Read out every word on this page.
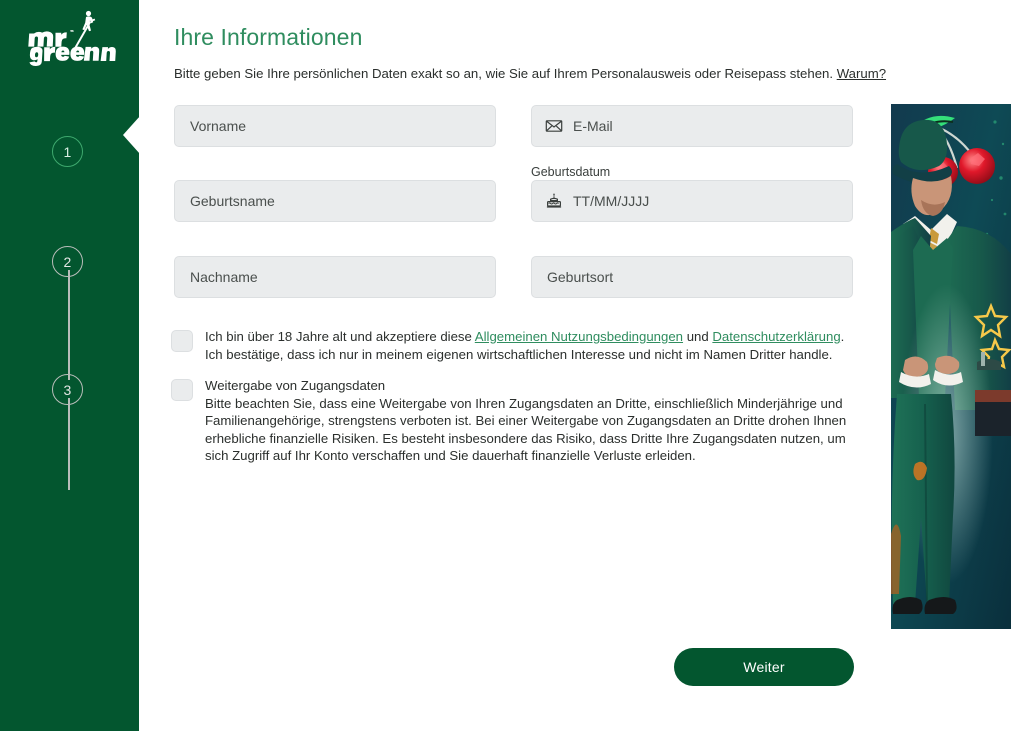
1
2
3
Ihre Informationen
Bitte geben Sie Ihre persönlichen Daten exakt so an, wie Sie auf Ihrem Personalausweis oder Reisepass stehen. Warum?
Vorname
Geburtsname
Nachname
E-Mail
Geburtsdatum
TT/MM/JJJJ
Geburtsort
Ich bin über 18 Jahre alt und akzeptiere diese Allgemeinen Nutzungsbedingungen und Datenschutzerklärung. Ich bestätige, dass ich nur in meinem eigenen wirtschaftlichen Interesse und nicht im Namen Dritter handle.
Weitergabe von Zugangsdaten
Bitte beachten Sie, dass eine Weitergabe von Ihren Zugangsdaten an Dritte, einschließlich Minderjährige und Familienangehörige, strengstens verboten ist. Bei einer Weitergabe von Zugangsdaten an Dritte drohen Ihnen erhebliche finanzielle Risiken. Es besteht insbesondere das Risiko, dass Dritte Ihre Zugangsdaten nutzen, um sich Zugriff auf Ihr Konto verschaffen und Sie dauerhaft finanzielle Verluste erleiden.
Weiter
